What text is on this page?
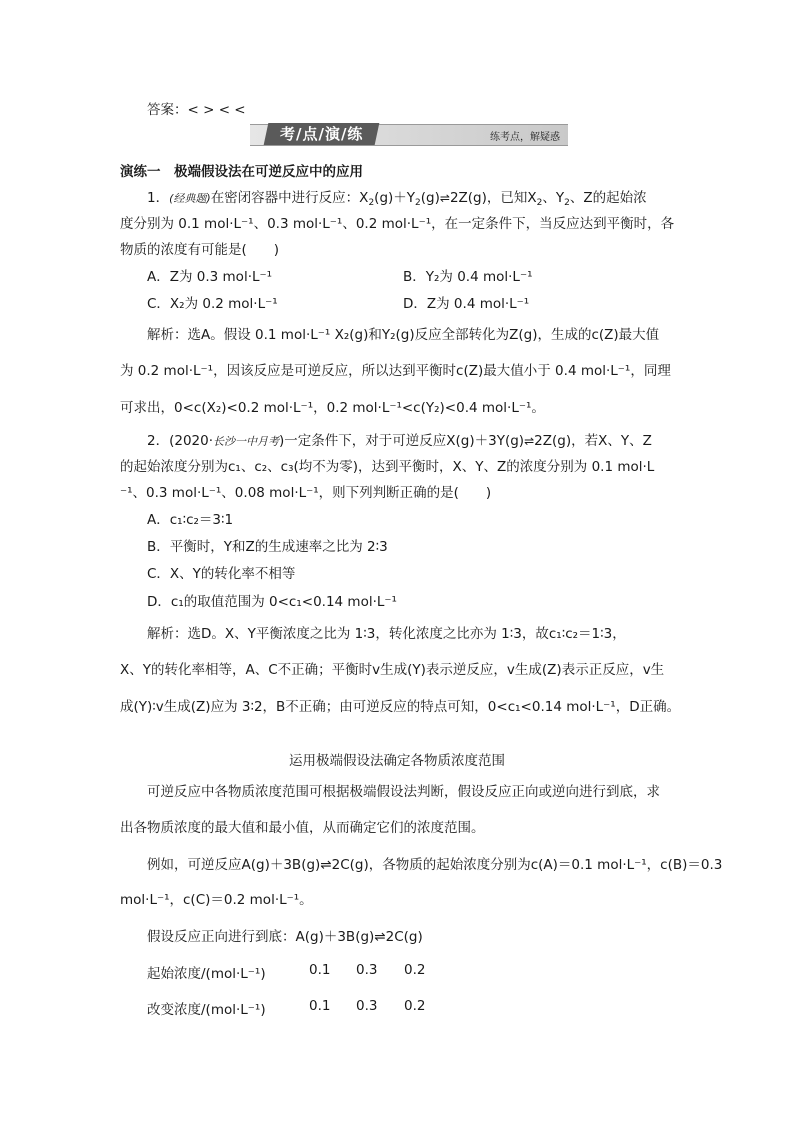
答案：< > < <
考/点/演/练	练考点，解疑惑
演练一　极端假设法在可逆反应中的应用
1．(经典题)在密闭容器中进行反应：$X_2(g)+Y_2(g)\rightleftharpoons 2Z(g)$，已知$X_2$、$Y_2$、Z的起始浓
度分别为 0.1 mol·L⁻¹、0.3 mol·L⁻¹、0.2 mol·L⁻¹，在一定条件下，当反应达到平衡时，各
物质的浓度有可能是(　　)
A．Z为 0.3 mol·L⁻¹	B．Y₂为 0.4 mol·L⁻¹
C．X₂为 0.2 mol·L⁻¹	D．Z为 0.4 mol·L⁻¹
解析：选A。假设 0.1 mol·L⁻¹ X₂(g)和Y₂(g)反应全部转化为Z(g)，生成的c(Z)最大值
为 0.2 mol·L⁻¹，因该反应是可逆反应，所以达到平衡时c(Z)最大值小于 0.4 mol·L⁻¹，同理
可求出，0<c(X₂)<0.2 mol·L⁻¹，0.2 mol·L⁻¹<c(Y₂)<0.4 mol·L⁻¹。
2．(2020·长沙一中月考)一定条件下，对于可逆反应X(g)＋3Y(g)⇌2Z(g)，若X、Y、Z
的起始浓度分别为c₁、c₂、c₃(均不为零)，达到平衡时，X、Y、Z的浓度分别为 0.1 mol·L
⁻¹、0.3 mol·L⁻¹、0.08 mol·L⁻¹，则下列判断正确的是(　　)
A．c₁∶c₂＝3∶1
B．平衡时，Y和Z的生成速率之比为 2∶3
C．X、Y的转化率不相等
D．c₁的取值范围为 0<c₁<0.14 mol·L⁻¹
解析：选D。X、Y平衡浓度之比为 1∶3，转化浓度之比亦为 1∶3，故c₁∶c₂＝1∶3，
X、Y的转化率相等，A、C不正确；平衡时v生成(Y)表示逆反应，v生成(Z)表示正反应，v生
成(Y)∶v生成(Z)应为 3∶2，B不正确；由可逆反应的特点可知，0<c₁<0.14 mol·L⁻¹，D正确。
运用极端假设法确定各物质浓度范围
可逆反应中各物质浓度范围可根据极端假设法判断，假设反应正向或逆向进行到底，求
出各物质浓度的最大值和最小值，从而确定它们的浓度范围。
例如，可逆反应A(g)＋3B(g)⇌2C(g)，各物质的起始浓度分别为c(A)＝0.1 mol·L⁻¹，c(B)＝0.3
mol·L⁻¹，c(C)＝0.2 mol·L⁻¹。
假设反应正向进行到底：A(g)＋3B(g)⇌2C(g)
起始浓度/(mol·L⁻¹)	0.1 0.3 0.2
改变浓度/(mol·L⁻¹)	0.1 0.3 0.2
